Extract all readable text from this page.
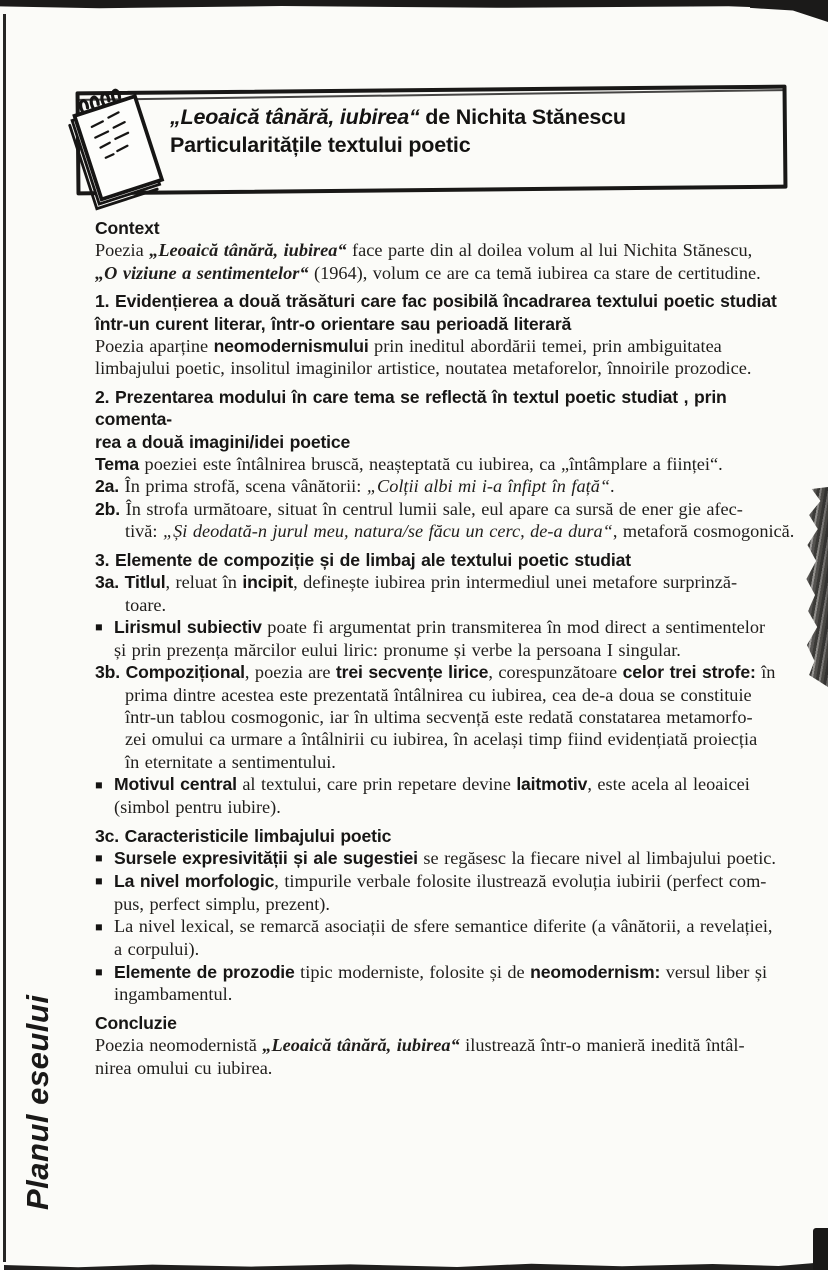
„Leoaică tânără, iubirea“ de Nichita Stănescu
Particularitățile textului poetic
Context
Poezia „Leoaică tânără, iubirea“ face parte din al doilea volum al lui Nichita Stănescu,
„O viziune a sentimentelor“ (1964), volum ce are ca temă iubirea ca stare de certitudine.
1. Evidențierea a două trăsături care fac posibilă încadrarea textului poetic studiat
într-un curent literar, într-o orientare sau perioadă literară
Poezia aparține neomodernismului prin ineditul abordării temei, prin ambiguitatea
limbajului poetic, insolitul imaginilor artistice, noutatea metaforelor, înnoirile prozodice.
2. Prezentarea modului în care tema se reflectă în textul poetic studiat , prin comenta-
rea a două imagini/idei poetice
Tema poeziei este întâlnirea bruscă, neașteptată cu iubirea, ca „întâmplare a ființei“.
2a. În prima strofă, scena vânătorii: „Colții albi mi i-a înfipt în față“.
2b. În strofa următoare, situat în centrul lumii sale, eul apare ca sursă de ener gie afec-
tivă: „Și deodată-n jurul meu, natura/se făcu un cerc, de-a dura“, metaforă cosmogonică.
3. Elemente de compoziție și de limbaj ale textului poetic studiat
3a. Titlul, reluat în incipit, definește iubirea prin intermediul unei metafore surprinză-
toare.
■ Lirismul subiectiv poate fi argumentat prin transmiterea în mod direct a sentimentelor
și prin prezența mărcilor eului liric: pronume și verbe la persoana I singular.
3b. Compozițional, poezia are trei secvențe lirice, corespunzătoare celor trei strofe: în
prima dintre acestea este prezentată întâlnirea cu iubirea, cea de-a doua se constituie
într-un tablou cosmogonic, iar în ultima secvență este redată constatarea metamorfo-
zei omului ca urmare a întâlnirii cu iubirea, în același timp fiind evidențiată proiecția
în eternitate a sentimentului.
■ Motivul central al textului, care prin repetare devine laitmotiv, este acela al leoaicei
(simbol pentru iubire).
3c. Caracteristicile limbajului poetic
■ Sursele expresivității și ale sugestiei se regăsesc la fiecare nivel al limbajului poetic.
■ La nivel morfologic, timpurile verbale folosite ilustrează evoluția iubirii (perfect com-
pus, perfect simplu, prezent).
■ La nivel lexical, se remarcă asociații de sfere semantice diferite (a vânătorii, a revelației,
a corpului).
■ Elemente de prozodie tipic moderniste, folosite și de neomodernism: versul liber și
ingambamentul.
Concluzie
Poezia neomodernistă „Leoaică tânără, iubirea“ ilustrează într-o manieră inedită întâl-
nirea omului cu iubirea.
Planul eseului
